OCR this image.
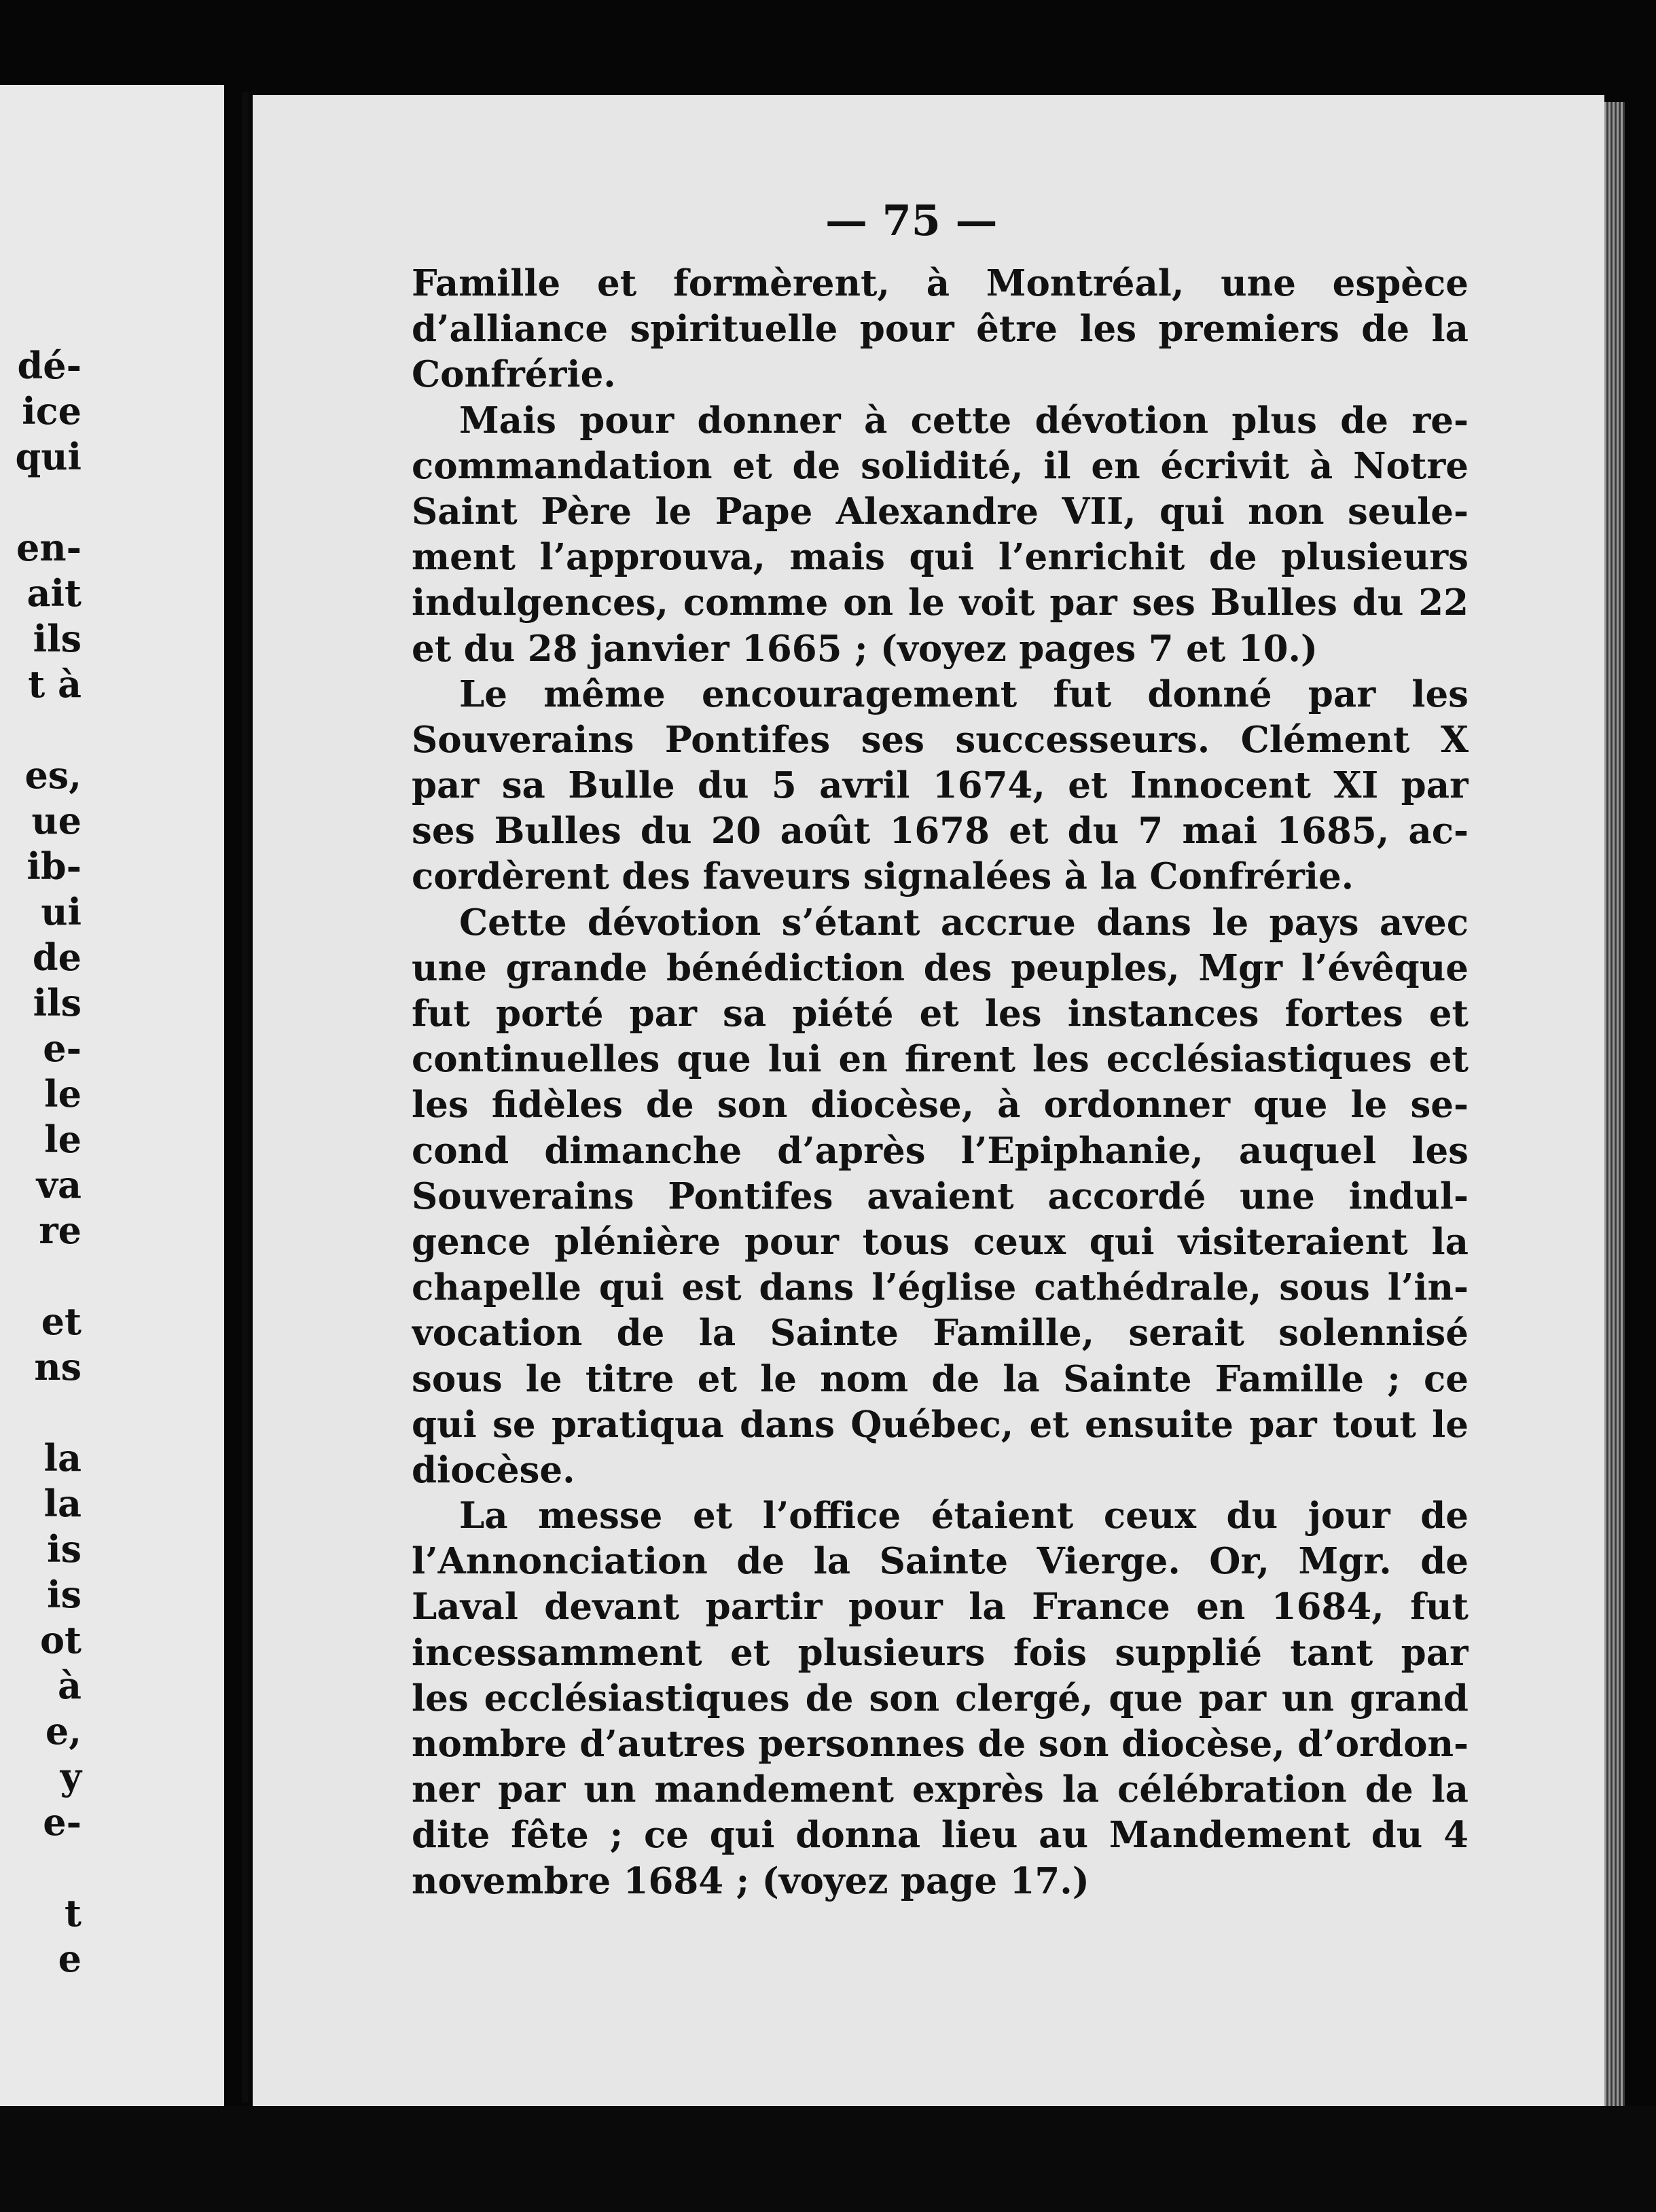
dé-
ice
qui
en-
ait
ils
t à
es,
ue
ib-
ui
de
ils
e-
le
le
va
re
et
ns
la
la
is
is
ot
à
e,
y
e-
t
e
— 75 —
Famille et formèrent, à Montréal, une espèce
d’alliance spirituelle pour être les premiers de la
Confrérie.
Mais pour donner à cette dévotion plus de re-
commandation et de solidité, il en écrivit à Notre
Saint Père le Pape Alexandre VII, qui non seule-
ment l’approuva, mais qui l’enrichit de plusieurs
indulgences, comme on le voit par ses Bulles du 22
et du 28 janvier 1665 ; (voyez pages 7 et 10.)
Le même encouragement fut donné par les
Souverains Pontifes ses successeurs. Clément X
par sa Bulle du 5 avril 1674, et Innocent XI par
ses Bulles du 20 août 1678 et du 7 mai 1685, ac-
cordèrent des faveurs signalées à la Confrérie.
Cette dévotion s’étant accrue dans le pays avec
une grande bénédiction des peuples, Mgr l’évêque
fut porté par sa piété et les instances fortes et
continuelles que lui en firent les ecclésiastiques et
les fidèles de son diocèse, à ordonner que le se-
cond dimanche d’après l’Epiphanie, auquel les
Souverains Pontifes avaient accordé une indul-
gence plénière pour tous ceux qui visiteraient la
chapelle qui est dans l’église cathédrale, sous l’in-
vocation de la Sainte Famille, serait solennisé
sous le titre et le nom de la Sainte Famille ; ce
qui se pratiqua dans Québec, et ensuite par tout le
diocèse.
La messe et l’office étaient ceux du jour de
l’Annonciation de la Sainte Vierge. Or, Mgr. de
Laval devant partir pour la France en 1684, fut
incessamment et plusieurs fois supplié tant par
les ecclésiastiques de son clergé, que par un grand
nombre d’autres personnes de son diocèse, d’ordon-
ner par un mandement exprès la célébration de la
dite fête ; ce qui donna lieu au Mandement du 4
novembre 1684 ; (voyez page 17.)
